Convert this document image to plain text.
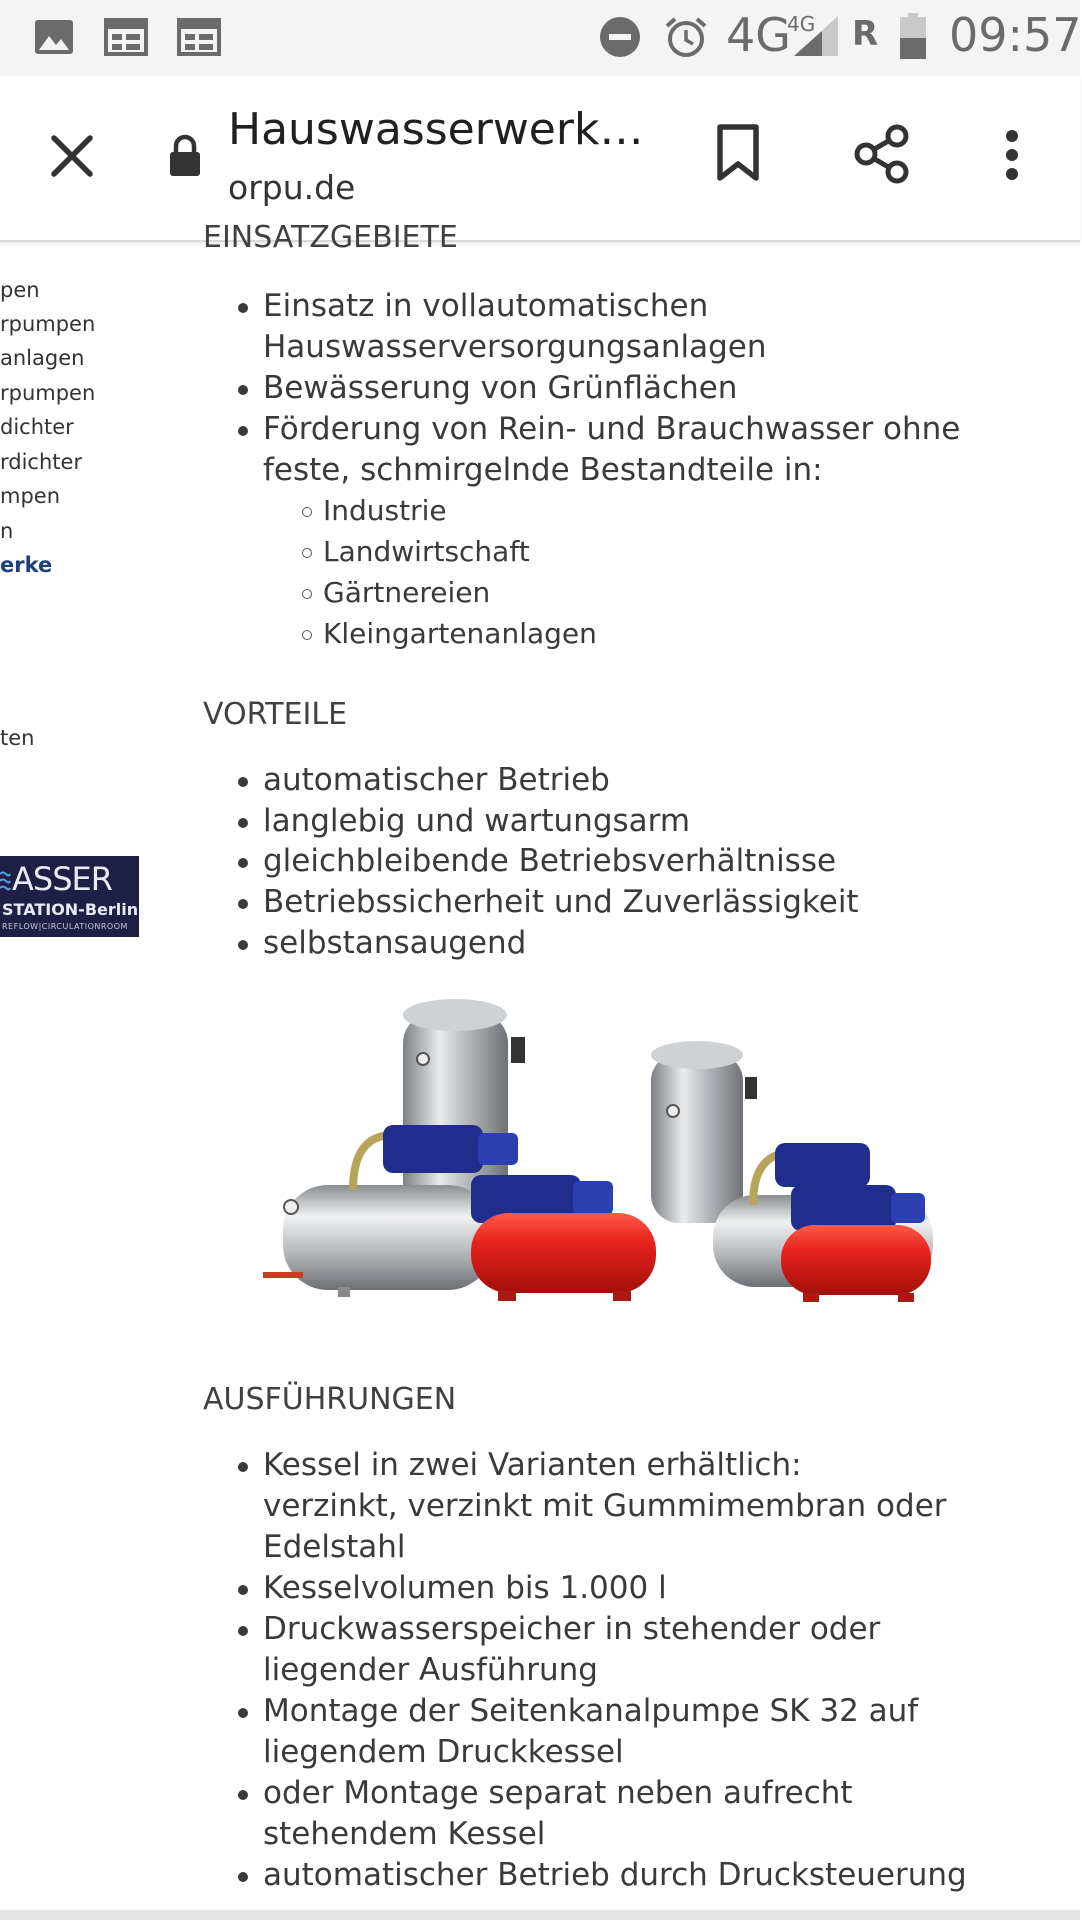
4G
4G R 09:57
Hauswasserwerk…
orpu.de
pen
rpumpen
anlagen
rpumpen
dichter
rdichter
mpen
n
erke
ten
ASSER
STATION-Berlin
REFLOW|CIRCULATIONROOM
EINSATZGEBIETE
Einsatz in vollautomatischen
Hauswasserversorgungsanlagen
Bewässerung von Grünflächen
Förderung von Rein- und Brauchwasser ohne
feste, schmirgelnde Bestandteile in:
Industrie
Landwirtschaft
Gärtnereien
Kleingartenanlagen
VORTEILE
automatischer Betrieb
langlebig und wartungsarm
gleichbleibende Betriebsverhältnisse
Betriebssicherheit und Zuverlässigkeit
selbstansaugend
AUSFÜHRUNGEN
Kessel in zwei Varianten erhältlich:
verzinkt, verzinkt mit Gummimembran oder
Edelstahl
Kesselvolumen bis 1.000 l
Druckwasserspeicher in stehender oder
liegender Ausführung
Montage der Seitenkanalpumpe SK 32 auf
liegendem Druckkessel
oder Montage separat neben aufrecht
stehendem Kessel
automatischer Betrieb durch Drucksteuerung
